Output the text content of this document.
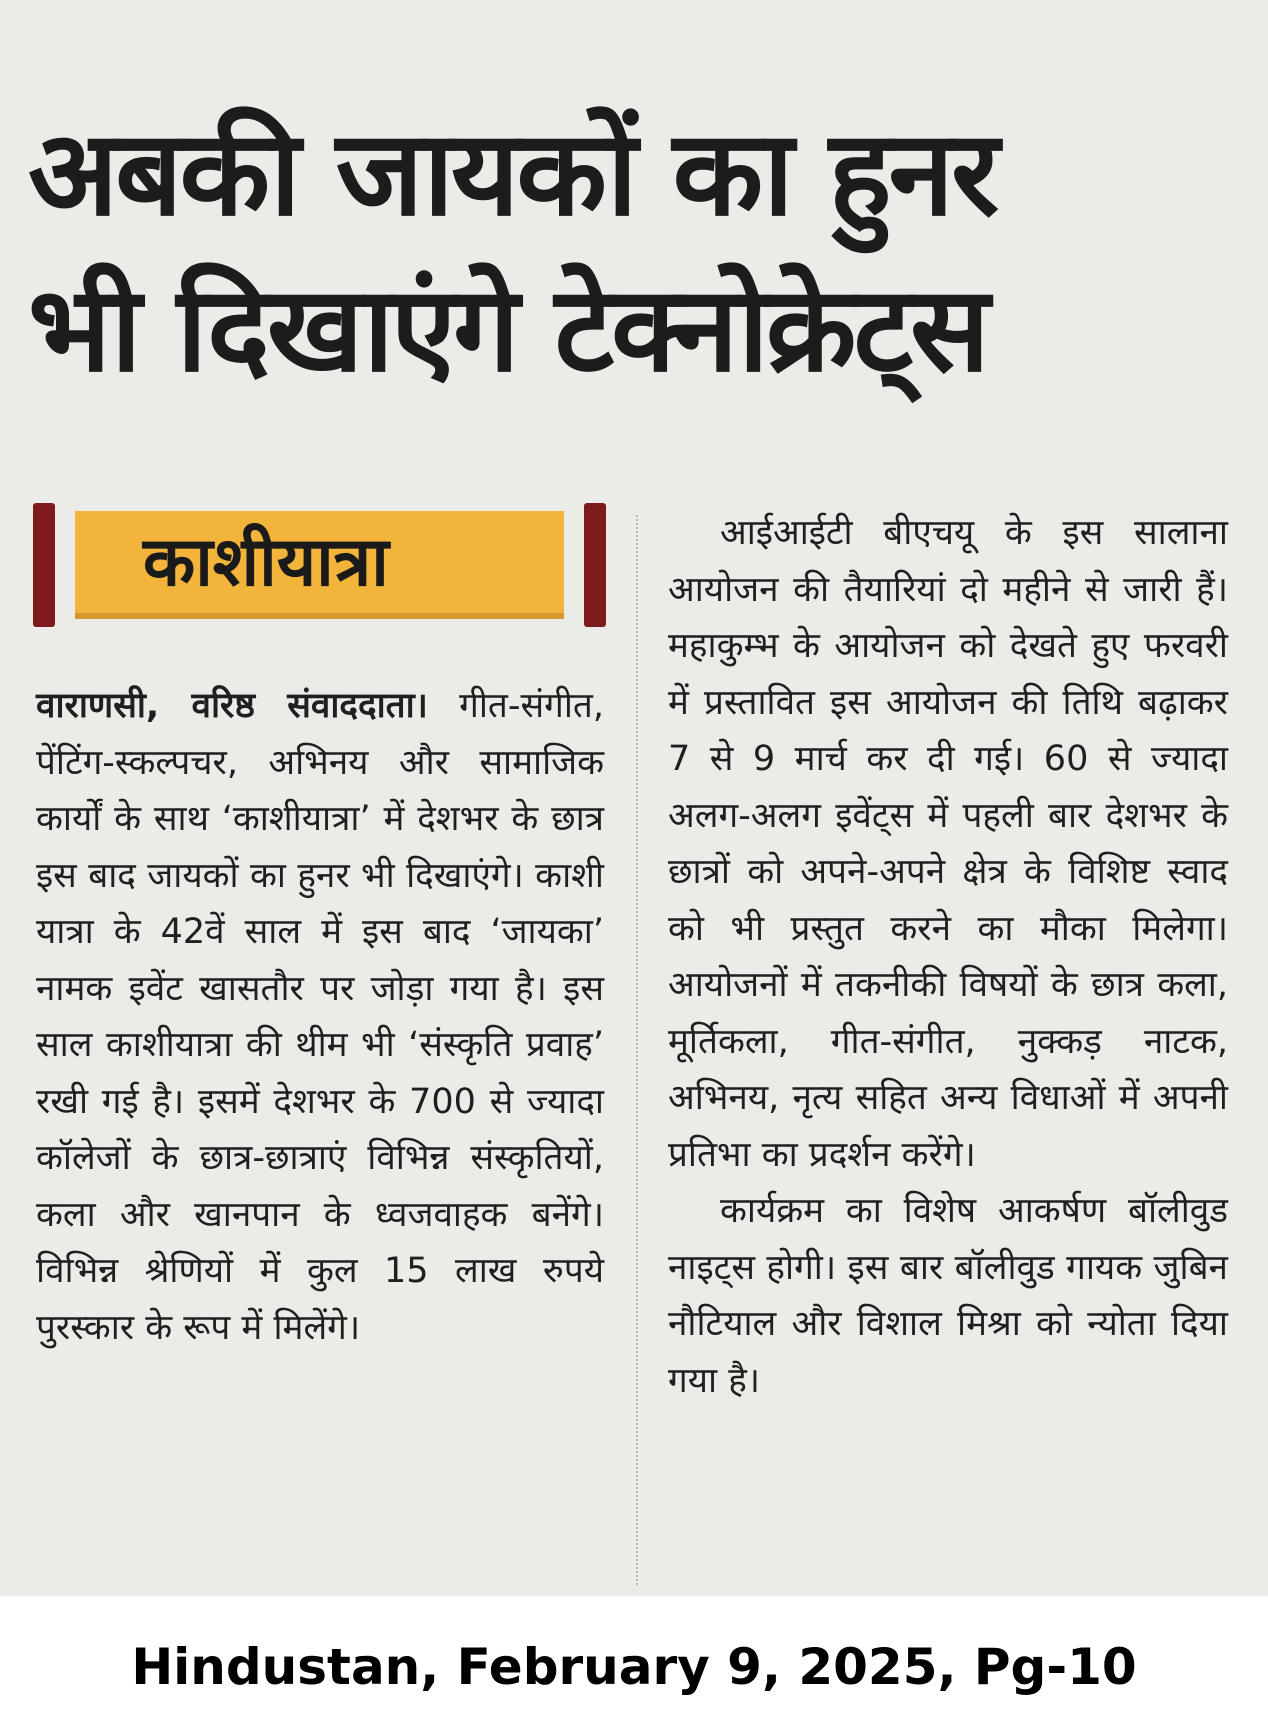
अबकी जायकों का हुनर
भी दिखाएंगे टेक्नोक्रेट्स
काशीयात्रा

वाराणसी, वरिष्ठ संवाददाता। गीत-संगीत, पेंटिंग-स्कल्पचर, अभिनय और सामाजिक कार्यों के साथ ‘काशीयात्रा’ में देशभर के छात्र इस बाद जायकों का हुनर भी दिखाएंगे। काशी यात्रा के 42वें साल में इस बाद ‘जायका’ नामक इवेंट खासतौर पर जोड़ा गया है। इस साल काशीयात्रा की थीम भी ‘संस्कृति प्रवाह’ रखी गई है। इसमें देशभर के 700 से ज्यादा कॉलेजों के छात्र-छात्राएं विभिन्न संस्कृतियों, कला और खानपान के ध्वजवाहक बनेंगे। विभिन्न श्रेणियों में कुल 15 लाख रुपये पुरस्कार के रूप में मिलेंगे।

आईआईटी बीएचयू के इस सालाना आयोजन की तैयारियां दो महीने से जारी हैं। महाकुम्भ के आयोजन को देखते हुए फरवरी में प्रस्तावित इस आयोजन की तिथि बढ़ाकर 7 से 9 मार्च कर दी गई। 60 से ज्यादा अलग-अलग इवेंट्स में पहली बार देशभर के छात्रों को अपने-अपने क्षेत्र के विशिष्ट स्वाद को भी प्रस्तुत करने का मौका मिलेगा। आयोजनों में तकनीकी विषयों के छात्र कला, मूर्तिकला, गीत-संगीत, नुक्कड़ नाटक, अभिनय, नृत्य सहित अन्य विधाओं में अपनी प्रतिभा का प्रदर्शन करेंगे।

कार्यक्रम का विशेष आकर्षण बॉलीवुड नाइट्स होगी। इस बार बॉलीवुड गायक जुबिन नौटियाल और विशाल मिश्रा को न्योता दिया गया है।

Hindustan, February 9, 2025, Pg-10
